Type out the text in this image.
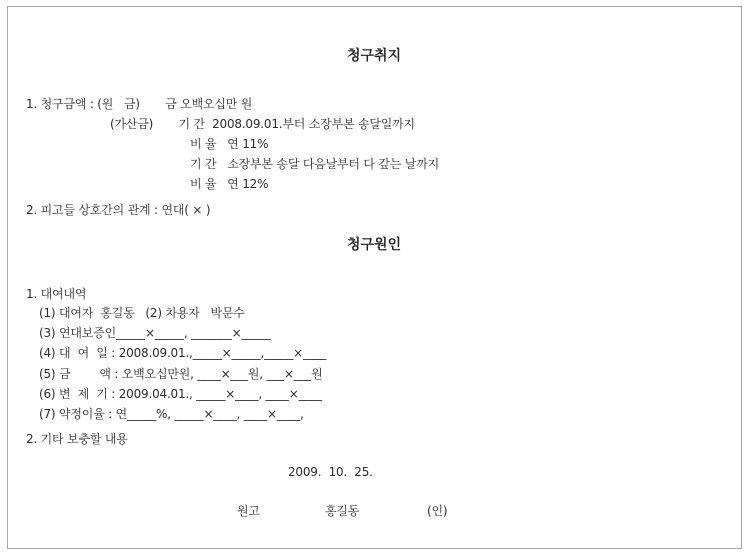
청구취지
1. 청구금액 : (원   금)       금 오백오십만 원
(가산금)       기 간  2008.09.01.부터 소장부본 송달일까지
비 율   연 11%
기 간   소장부본 송달 다음날부터 다 갚는 날까지
비 율   연 12%
2. 피고들 상호간의 관계 : 연대( × )
청구원인
1. 대여내역
(1) 대여자  홍길동   (2) 차용자   박문수
(3) 연대보증인_____×_____, _______×_____
(4) 대  여  일 : 2008.09.01.,_____×_____,_____×____
(5) 금        액 : 오백오십만원, ____×___원, ___×___원
(6) 변  제  기 : 2009.04.01., _____×____, ____×____
(7) 약정이율 : 연_____%, _____×____, ____×____,
2. 기타 보충할 내용
2009.  10.  25.
원고	홍길동	(인)
